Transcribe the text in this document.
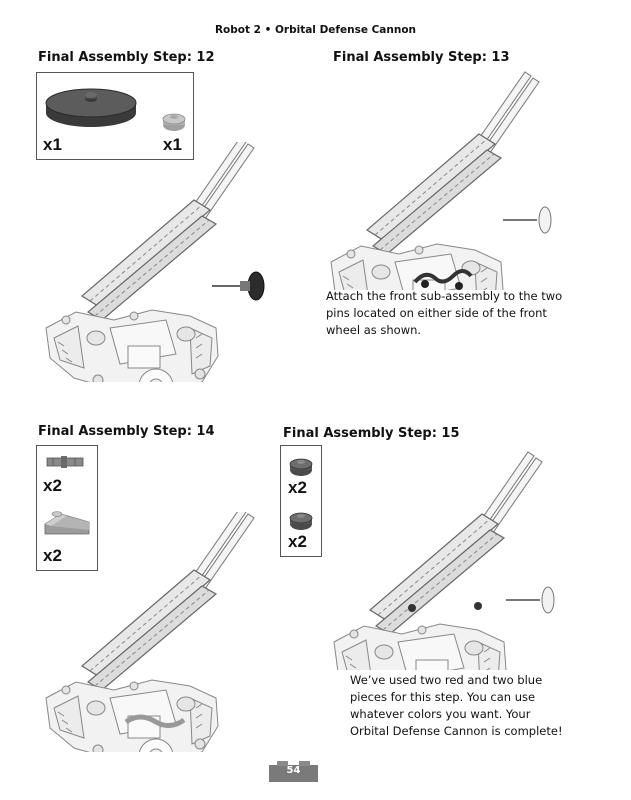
Robot 2 • Orbital Defense Cannon
Final Assembly Step: 12
x1	x1
Final Assembly Step: 13
Attach the front sub-assembly to the two
pins located on either side of the front
wheel as shown.
Final Assembly Step: 14
x2
x2
Final Assembly Step: 15
x2
x2
We’ve used two red and two blue
pieces for this step. You can use
whatever colors you want. Your
Orbital Defense Cannon is complete!
54
